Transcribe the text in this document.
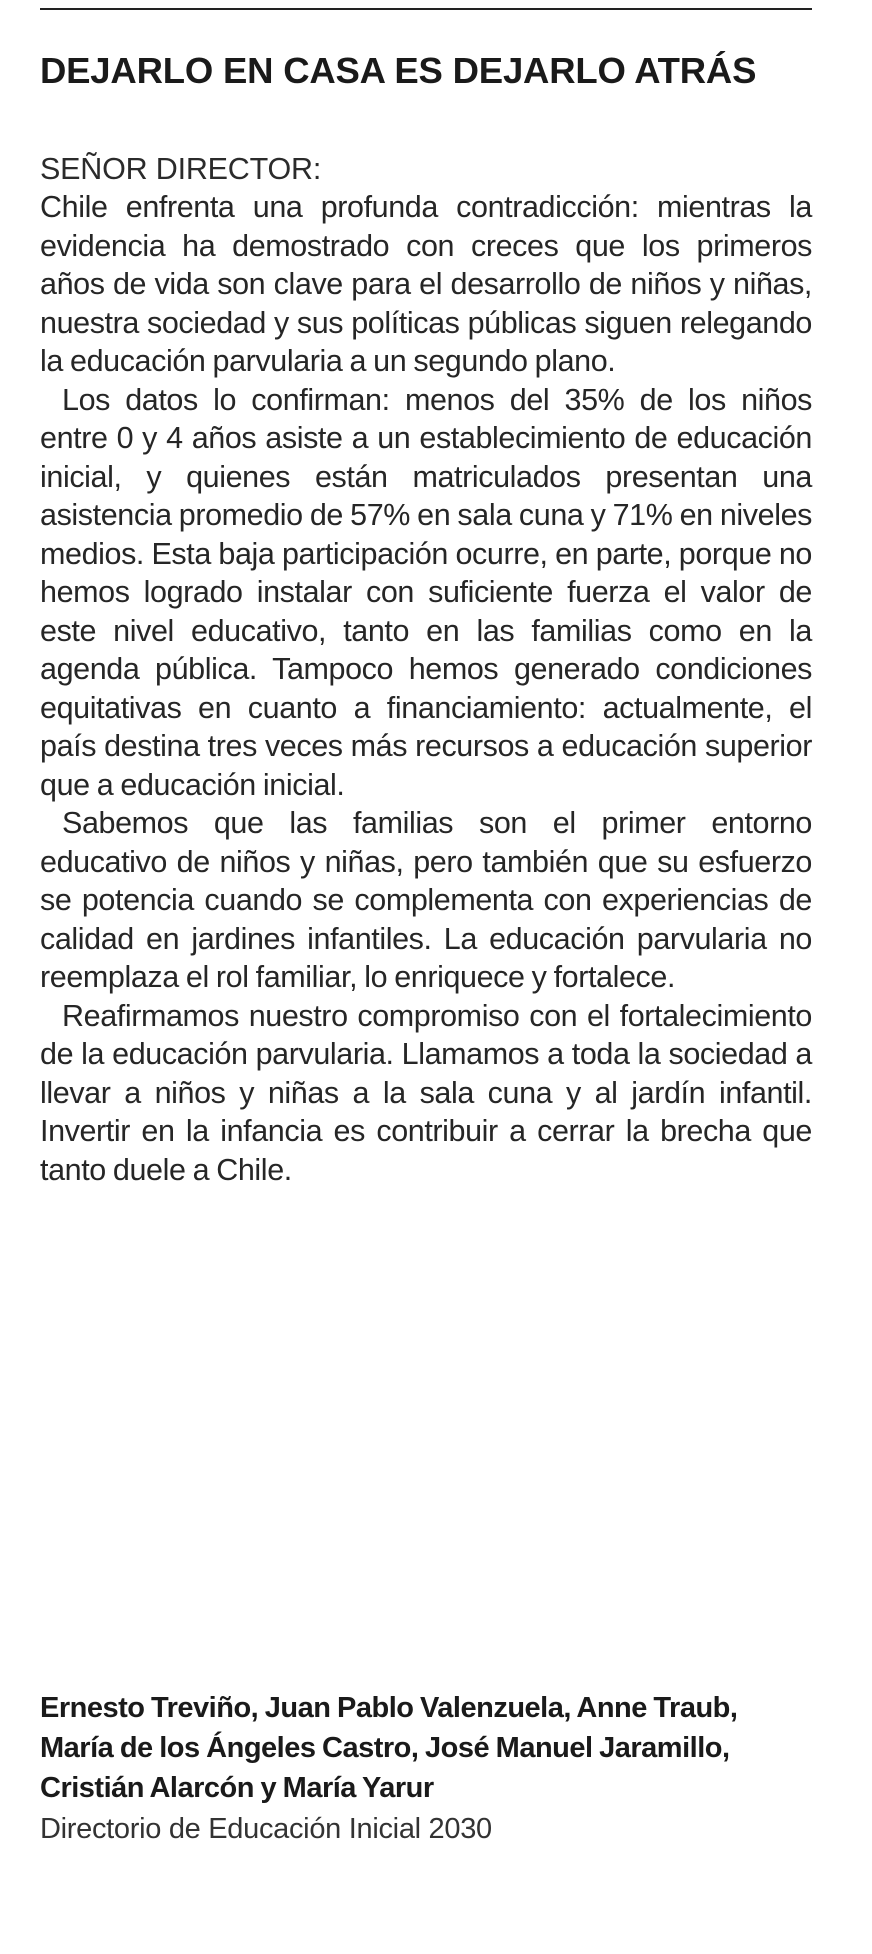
DEJARLO EN CASA ES DEJARLO ATRÁS

SEÑOR DIRECTOR:

Chile enfrenta una profunda contradicción: mientras la evidencia ha demostrado con creces que los primeros años de vida son clave para el desarrollo de niños y niñas, nuestra sociedad y sus políticas públicas siguen relegando la educación parvularia a un segundo plano.

Los datos lo confirman: menos del 35% de los niños entre 0 y 4 años asiste a un establecimiento de educación inicial, y quienes están matriculados presentan una asistencia promedio de 57% en sala cuna y 71% en niveles medios. Esta baja participación ocurre, en parte, porque no hemos logrado instalar con suficiente fuerza el valor de este nivel educativo, tanto en las familias como en la agenda pública. Tampoco hemos generado condiciones equitativas en cuanto a financiamiento: actualmente, el país destina tres veces más recursos a educación superior que a educación inicial.

Sabemos que las familias son el primer entorno educativo de niños y niñas, pero también que su esfuerzo se potencia cuando se complementa con experiencias de calidad en jardines infantiles. La educación parvularia no reemplaza el rol familiar, lo enriquece y fortalece.

Reafirmamos nuestro compromiso con el fortalecimiento de la educación parvularia. Llamamos a toda la sociedad a llevar a niños y niñas a la sala cuna y al jardín infantil. Invertir en la infancia es contribuir a cerrar la brecha que tanto duele a Chile.

Ernesto Treviño, Juan Pablo Valenzuela, Anne Traub, María de los Ángeles Castro, José Manuel Jaramillo, Cristián Alarcón y María Yarur

Directorio de Educación Inicial 2030
